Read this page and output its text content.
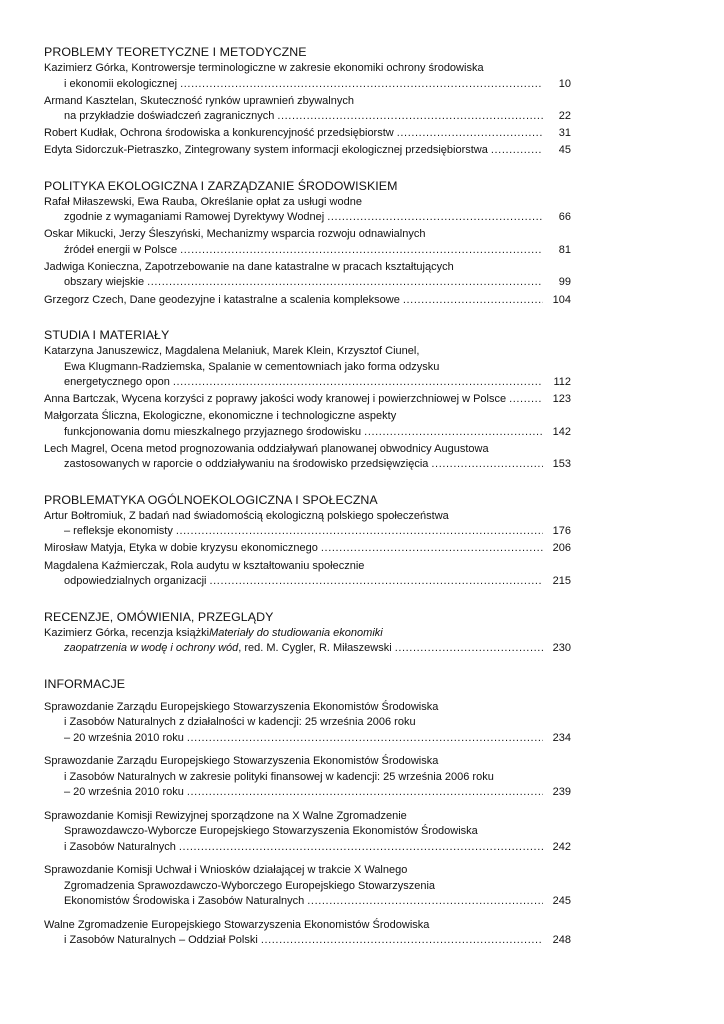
PROBLEMY TEORETYCZNE I METODYCZNE
Kazimierz Górka, Kontrowersje terminologiczne w zakresie ekonomiki ochrony środowiska
i ekonomii ekologicznej .....	10
Armand Kasztelan, Skuteczność rynków uprawnień zbywalnych
na przykładzie doświadczeń zagranicznych .....	22
Robert Kudłak, Ochrona środowiska a konkurencyjność przedsiębiorstw .....	31
Edyta Sidorczuk-Pietraszko, Zintegrowany system informacji ekologicznej przedsiębiorstwa .....	45
POLITYKA EKOLOGICZNA I ZARZĄDZANIE ŚRODOWISKIEM
Rafał Miłaszewski, Ewa Rauba, Określanie opłat za usługi wodne
zgodnie z wymaganiami Ramowej Dyrektywy Wodnej .....	66
Oskar Mikucki, Jerzy Śleszyński, Mechanizmy wsparcia rozwoju odnawialnych
źródeł energii w Polsce .....	81
Jadwiga Konieczna, Zapotrzebowanie na dane katastralne w pracach kształtujących
obszary wiejskie .....	99
Grzegorz Czech, Dane geodezyjne i katastralne a scalenia kompleksowe .....	104
STUDIA I MATERIAŁY
Katarzyna Januszewicz, Magdalena Melaniuk, Marek Klein, Krzysztof Ciunel,
Ewa Klugmann-Radziemska, Spalanie w cementowniach jako forma odzysku
energetycznego opon .....	112
Anna Bartczak, Wycena korzyści z poprawy jakości wody kranowej i powierzchniowej w Polsce .....	123
Małgorzata Śliczna, Ekologiczne, ekonomiczne i technologiczne aspekty
funkcjonowania domu mieszkalnego przyjaznego środowisku .....	142
Lech Magrel, Ocena metod prognozowania oddziaływań planowanej obwodnicy Augustowa
zastosowanych w raporcie o oddziaływaniu na środowisko przedsięwzięcia .....	153
PROBLEMATYKA OGÓLNOEKOLOGICZNA I SPOŁECZNA
Artur Bołtromiuk, Z badań nad świadomością ekologiczną polskiego społeczeństwa
– refleksje ekonomisty .....	176
Mirosław Matyja, Etyka w dobie kryzysu ekonomicznego .....	206
Magdalena Kaźmierczak, Rola audytu w kształtowaniu społecznie
odpowiedzialnych organizacji .....	215
RECENZJE, OMÓWIENIA, PRZEGLĄDY
Kazimierz Górka, recenzja książki Materiały do studiowania ekonomiki
zaopatrzenia w wodę i ochrony wód , red. M. Cygler, R. Miłaszewski .....	230
INFORMACJE
Sprawozdanie Zarządu Europejskiego Stowarzyszenia Ekonomistów Środowiska
i Zasobów Naturalnych z działalności w kadencji: 25 września 2006 roku
– 20 września 2010 roku .....	234
Sprawozdanie Zarządu Europejskiego Stowarzyszenia Ekonomistów Środowiska
i Zasobów Naturalnych w zakresie polityki finansowej w kadencji: 25 września 2006 roku
– 20 września 2010 roku .....	239
Sprawozdanie Komisji Rewizyjnej sporządzone na X Walne Zgromadzenie
Sprawozdawczo-Wyborcze Europejskiego Stowarzyszenia Ekonomistów Środowiska
i Zasobów Naturalnych .....	242
Sprawozdanie Komisji Uchwał i Wniosków działającej w trakcie X Walnego
Zgromadzenia Sprawozdawczo-Wyborczego Europejskiego Stowarzyszenia
Ekonomistów Środowiska i Zasobów Naturalnych .....	245
Walne Zgromadzenie Europejskiego Stowarzyszenia Ekonomistów Środowiska
i Zasobów Naturalnych – Oddział Polski .....	248
